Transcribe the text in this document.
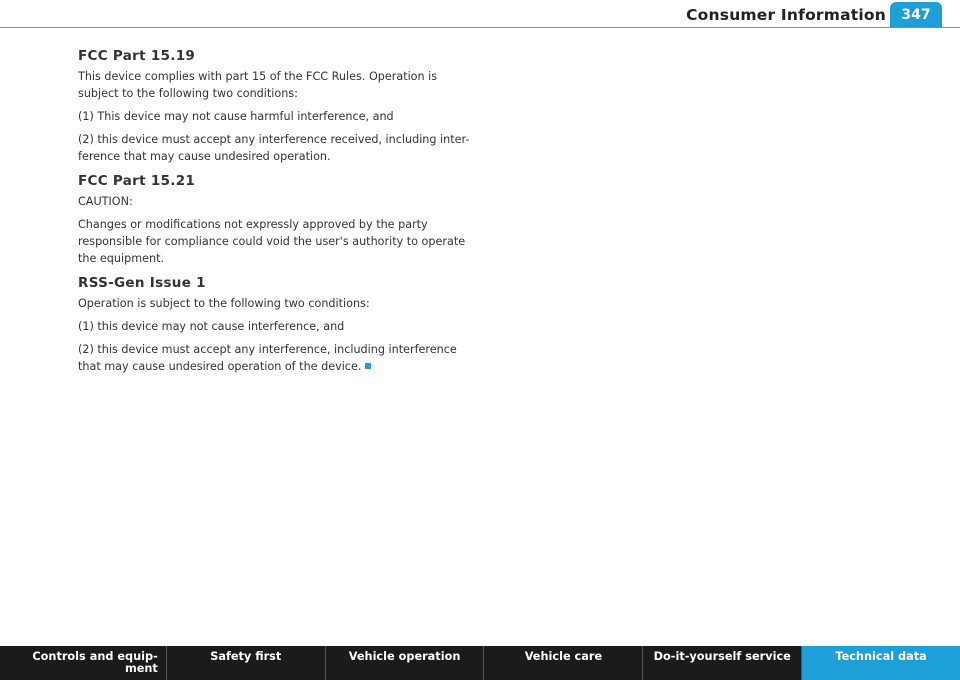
Consumer Information	347
FCC Part 15.19

This device complies with part 15 of the FCC Rules. Operation is subject to the following two conditions:

(1) This device may not cause harmful interference, and

(2) this device must accept any interference received, including inter-ference that may cause undesired operation.

FCC Part 15.21

CAUTION:

Changes or modifications not expressly approved by the party responsible for compliance could void the user's authority to operate the equipment.

RSS-Gen Issue 1

Operation is subject to the following two conditions:

(1) this device may not cause interference, and

(2) this device must accept any interference, including interference that may cause undesired operation of the device.

Controls and equip-ment
Safety first	Vehicle operation	Vehicle care	Do-it-yourself service	Technical data
